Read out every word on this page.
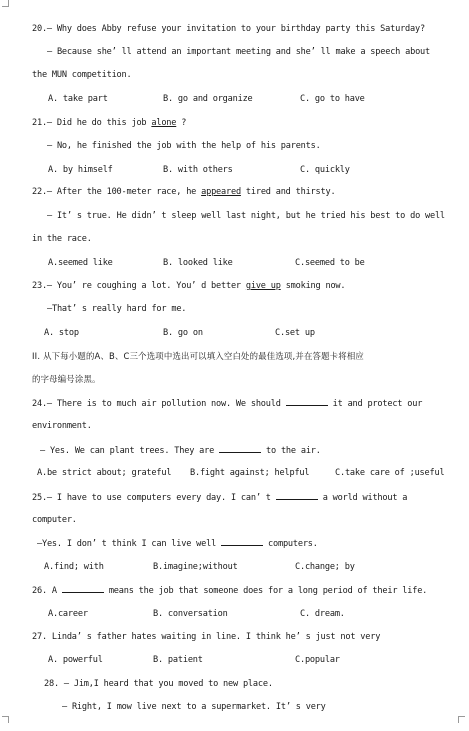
20.— Why does Abby refuse your invitation to your birthday party this Saturday?

— Because she’ ll attend an important meeting and she’ ll make a speech about

the MUN competition.

A. take part

	B. go and organize

	C. go to have

21.— Did he do this job alone ?

— No, he finished the job with the help of his parents.

A. by himself

	B. with others

	C. quickly

22.— After the 100-meter race, he appeared tired and thirsty.

— It’ s true. He didn’ t sleep well last night, but he tried his best to do well

in the race.

A.seemed like

	B. looked like

	C.seemed to be

23.— You’ re coughing a lot. You’ d better give up smoking now.

—That’ s really hard for me.

A. stop

	B. go on

	C.set up

II. 从下每小题的A、B、C三个选项中选出可以填入空白处的最佳选项,并在答题卡将相应

的字母编号涂黑。

24.— There is to much air pollution now. We should	it and protect our

environment.

— Yes. We can plant trees. They are	to the air.

A.be strict about; grateful

B.fight against; helpful

	C.take care of ;useful

25.— I have to use computers every day. I can’ t	a world without a

computer.

—Yes. I don’ t think I can live well	computers.

A.find; with

	B.imagine;without

	C.change; by

26. A	means the job that someone does for a long period of their life.

A.career

	B. conversation

	C. dream.

27. Linda’ s father hates waiting in line. I think he’ s just not very

A. powerful

	B. patient

	C.popular

28. — Jim,I heard that you moved to new place.

— Right, I mow live next to a supermarket. It’ s very
